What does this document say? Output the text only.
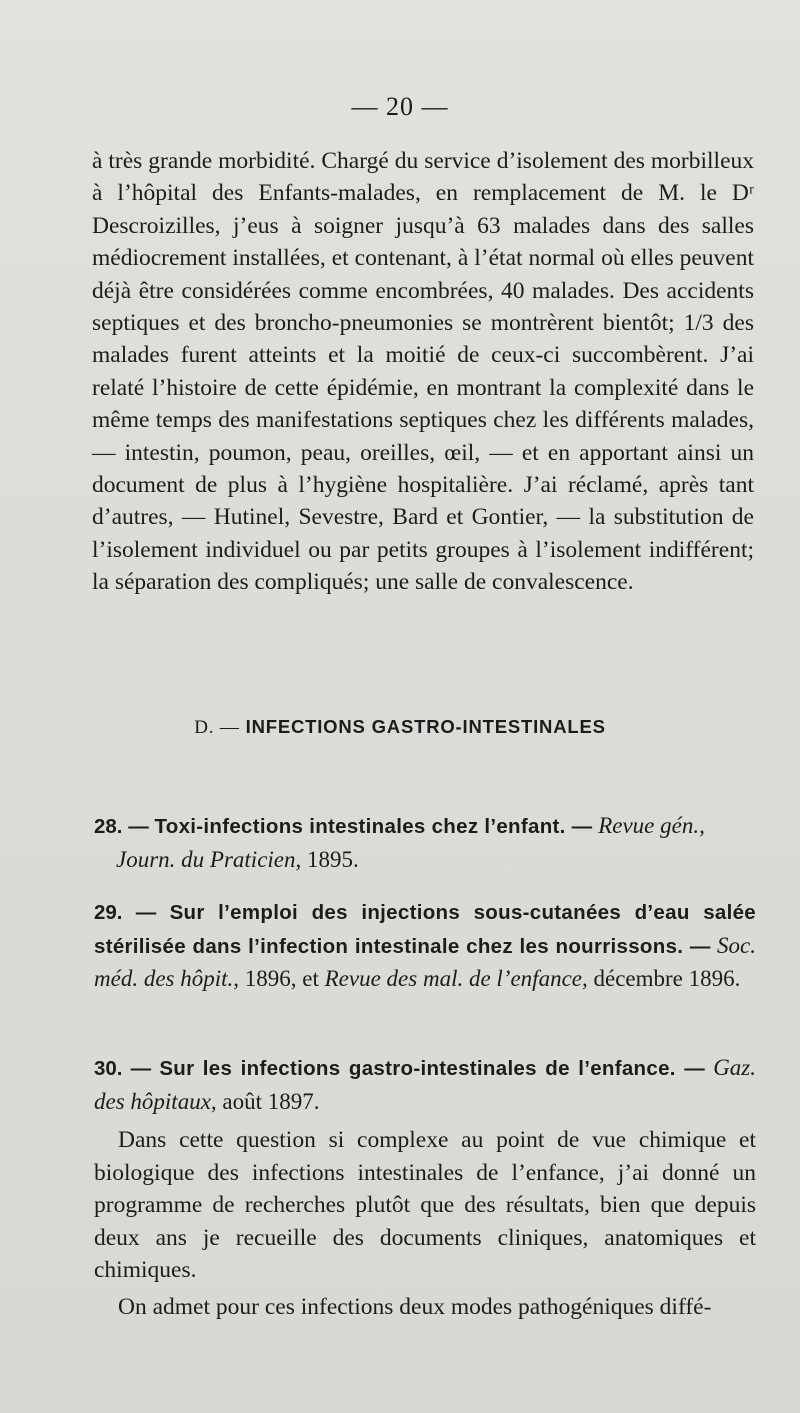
— 20 —

à très grande morbidité. Chargé du service d’isolement des morbilleux à l’hôpital des Enfants-malades, en remplacement de M. le Dʳ Descroizilles, j’eus à soigner jusqu’à 63 malades dans des salles médiocrement installées, et contenant, à l’état normal où elles peuvent déjà être considérées comme encombrées, 40 malades. Des accidents septiques et des broncho-pneumonies se montrèrent bientôt; 1/3 des malades furent atteints et la moitié de ceux-ci succombèrent. J’ai relaté l’histoire de cette épidémie, en montrant la complexité dans le même temps des manifestations septiques chez les différents malades, — intestin, poumon, peau, oreilles, œil, — et en apportant ainsi un document de plus à l’hygiène hospitalière. J’ai réclamé, après tant d’autres, — Hutinel, Sevestre, Bard et Gontier, — la substitution de l’isolement individuel ou par petits groupes à l’isolement indifférent; la séparation des compliqués; une salle de convalescence.

D. — INFECTIONS GASTRO-INTESTINALES
28. — Toxi-infections intestinales chez l’enfant. — Revue gén.,
Journ. du Praticien, 1895.
29. — Sur l’emploi des injections sous-cutanées d’eau salée stérilisée dans l’infection intestinale chez les nourrissons. — Soc. méd. des hôpit., 1896, et Revue des mal. de l’enfance, décembre 1896.
30. — Sur les infections gastro-intestinales de l’enfance. — Gaz. des hôpitaux, août 1897.

Dans cette question si complexe au point de vue chimique et biologique des infections intestinales de l’enfance, j’ai donné un programme de recherches plutôt que des résultats, bien que depuis deux ans je recueille des documents cliniques, anatomiques et chimiques.

On admet pour ces infections deux modes pathogéniques diffé-
